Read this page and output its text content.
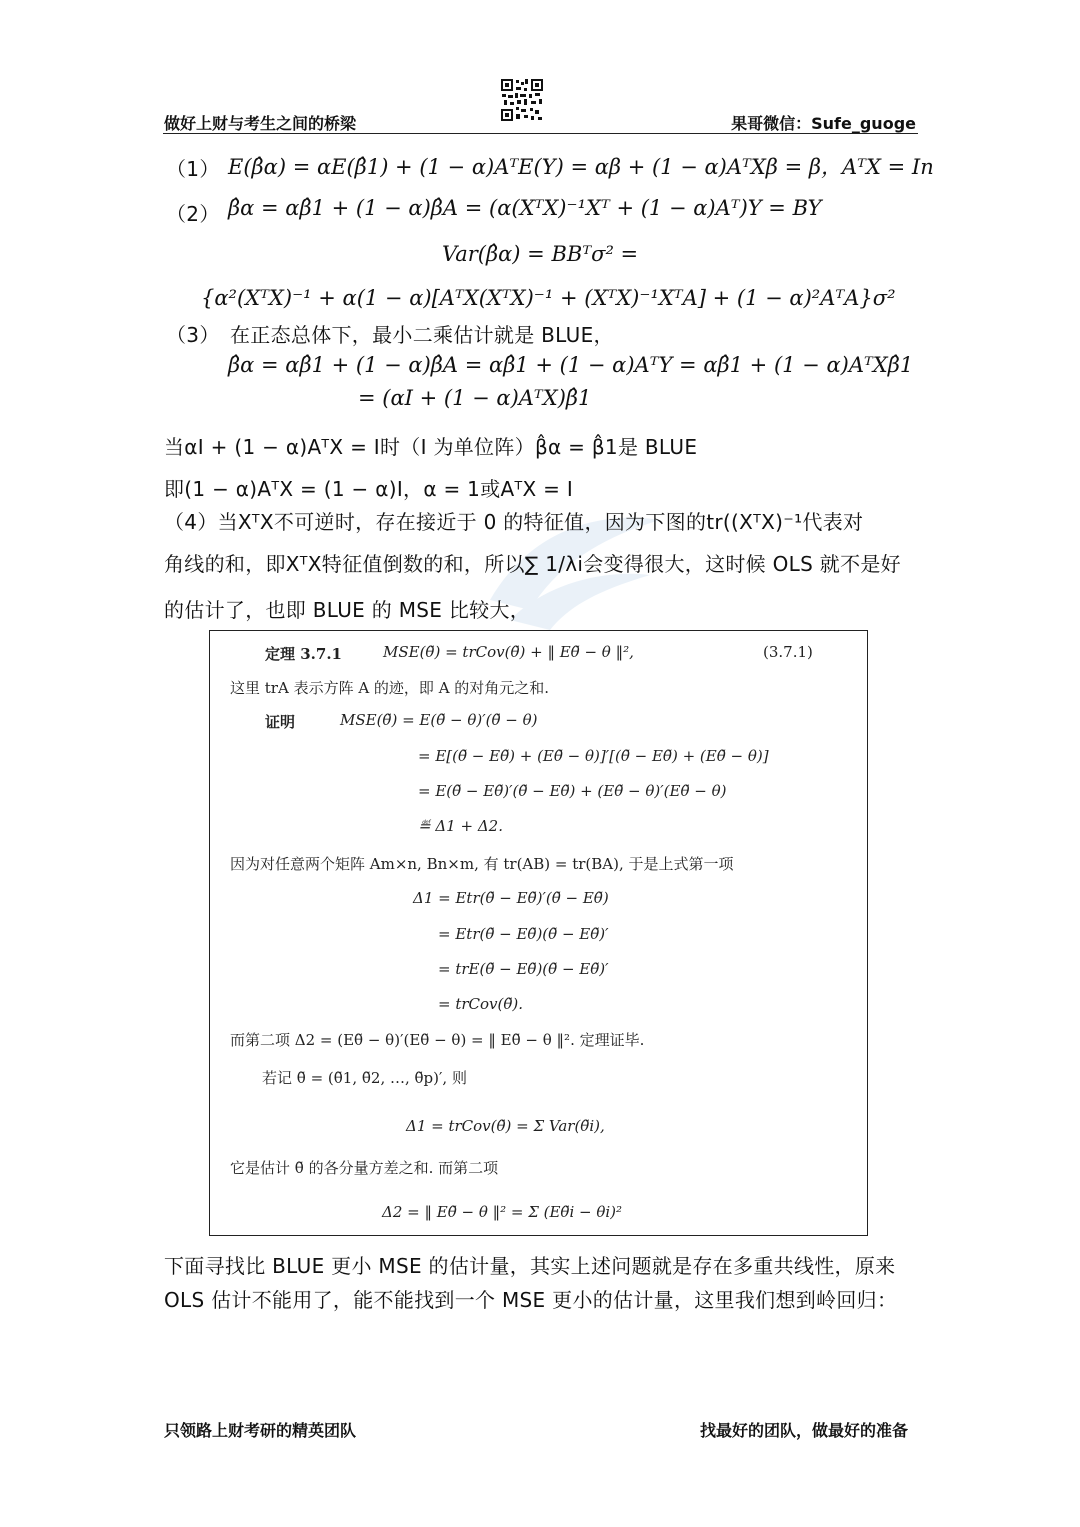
做好上财与考生之间的桥梁	果哥微信：Sufe_guoge
（1） E(β̂α) = αE(β̂1) + (1 − α)AᵀE(Y) = αβ + (1 − α)AᵀXβ = β，AᵀX = In
（2） β̂α = αβ̂1 + (1 − α)β̂A = (α(XᵀX)⁻¹Xᵀ + (1 − α)Aᵀ)Y = BY
Var(β̂α) = BBᵀσ² =
{α²(XᵀX)⁻¹ + α(1 − α)[AᵀX(XᵀX)⁻¹ + (XᵀX)⁻¹XᵀA] + (1 − α)²AᵀA}σ²
（3） 在正态总体下，最小二乘估计就是 BLUE，
β̂α = αβ̂1 + (1 − α)β̂A = αβ̂1 + (1 − α)AᵀY = αβ̂1 + (1 − α)AᵀXβ̂1
= (αI + (1 − α)AᵀX)β̂1
当αI + (1 − α)AᵀX = I时（I 为单位阵）β̂α = β̂1是 BLUE
即(1 − α)AᵀX = (1 − α)I，α = 1或AᵀX = I
（4）当XᵀX不可逆时，存在接近于 0 的特征值，因为下图的tr((XᵀX)⁻¹代表对
角线的和，即XᵀX特征值倒数的和，所以∑ 1/λi会变得很大，这时候 OLS 就不是好
的估计了，也即 BLUE 的 MSE 比较大，
定理 3.7.1	MSE(θ̃) = trCov(θ̃) + ‖ Eθ̃ − θ ‖²,	(3.7.1)
这里 trA 表示方阵 A 的迹，即 A 的对角元之和.
证明	MSE(θ̃) = E(θ̃ − θ)′(θ̃ − θ)
= E[(θ̃ − Eθ̃) + (Eθ̃ − θ)]′[(θ̃ − Eθ̃) + (Eθ̃ − θ)]
= E(θ̃ − Eθ̃)′(θ̃ − Eθ̃) + (Eθ̃ − θ)′(Eθ̃ − θ)
≝ Δ1 + Δ2.
因为对任意两个矩阵 Am×n, Bn×m, 有 tr(AB) = tr(BA), 于是上式第一项
Δ1 = Etr(θ̃ − Eθ̃)′(θ̃ − Eθ̃)
= Etr(θ̃ − Eθ̃)(θ̃ − Eθ̃)′
= trE(θ̃ − Eθ̃)(θ̃ − Eθ̃)′
= trCov(θ̃).
而第二项 Δ2 = (Eθ̃ − θ)′(Eθ̃ − θ) = ‖ Eθ̃ − θ ‖². 定理证毕.
若记 θ̃ = (θ̃1, θ̃2, …, θ̃p)′, 则
Δ1 = trCov(θ̃) = Σ Var(θ̃i),
它是估计 θ̃ 的各分量方差之和. 而第二项
Δ2 = ‖ Eθ̃ − θ ‖² = Σ (Eθ̃i − θi)²
下面寻找比 BLUE 更小 MSE 的估计量，其实上述问题就是存在多重共线性，原来
OLS 估计不能用了，能不能找到一个 MSE 更小的估计量，这里我们想到岭回归：
只领路上财考研的精英团队	找最好的团队，做最好的准备
